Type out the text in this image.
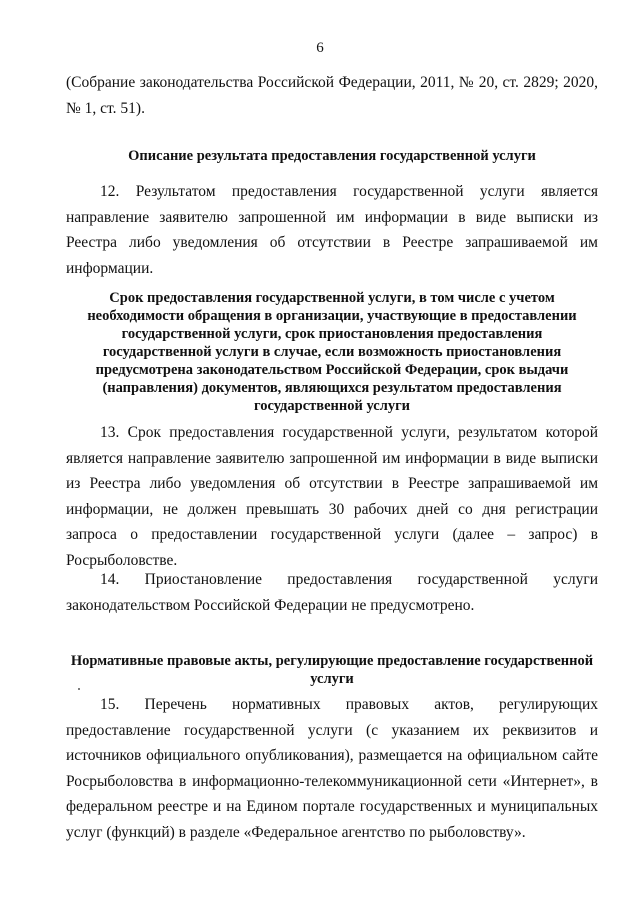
6

(Собрание законодательства Российской Федерации, 2011, № 20, ст. 2829; 2020, № 1, ст. 51).

Описание результата предоставления государственной услуги

12. Результатом предоставления государственной услуги является направление заявителю запрошенной им информации в виде выписки из Реестра либо уведомления об отсутствии в Реестре запрашиваемой им информации.

Срок предоставления государственной услуги, в том числе с учетом необходимости обращения в организации, участвующие в предоставлении государственной услуги, срок приостановления предоставления государственной услуги в случае, если возможность приостановления предусмотрена законодательством Российской Федерации, срок выдачи (направления) документов, являющихся результатом предоставления государственной услуги

13. Срок предоставления государственной услуги, результатом которой является направление заявителю запрошенной им информации в виде выписки из Реестра либо уведомления об отсутствии в Реестре запрашиваемой им информации, не должен превышать 30 рабочих дней со дня регистрации запроса о предоставлении государственной услуги (далее – запрос) в Росрыболовстве.

14. Приостановление предоставления государственной услуги законодательством Российской Федерации не предусмотрено.

Нормативные правовые акты, регулирующие предоставление государственной услуги

15. Перечень нормативных правовых актов, регулирующих предоставление государственной услуги (с указанием их реквизитов и источников официального опубликования), размещается на официальном сайте Росрыболовства в информационно-телекоммуникационной сети «Интернет», в федеральном реестре и на Едином портале государственных и муниципальных услуг (функций) в разделе «Федеральное агентство по рыболовству».
